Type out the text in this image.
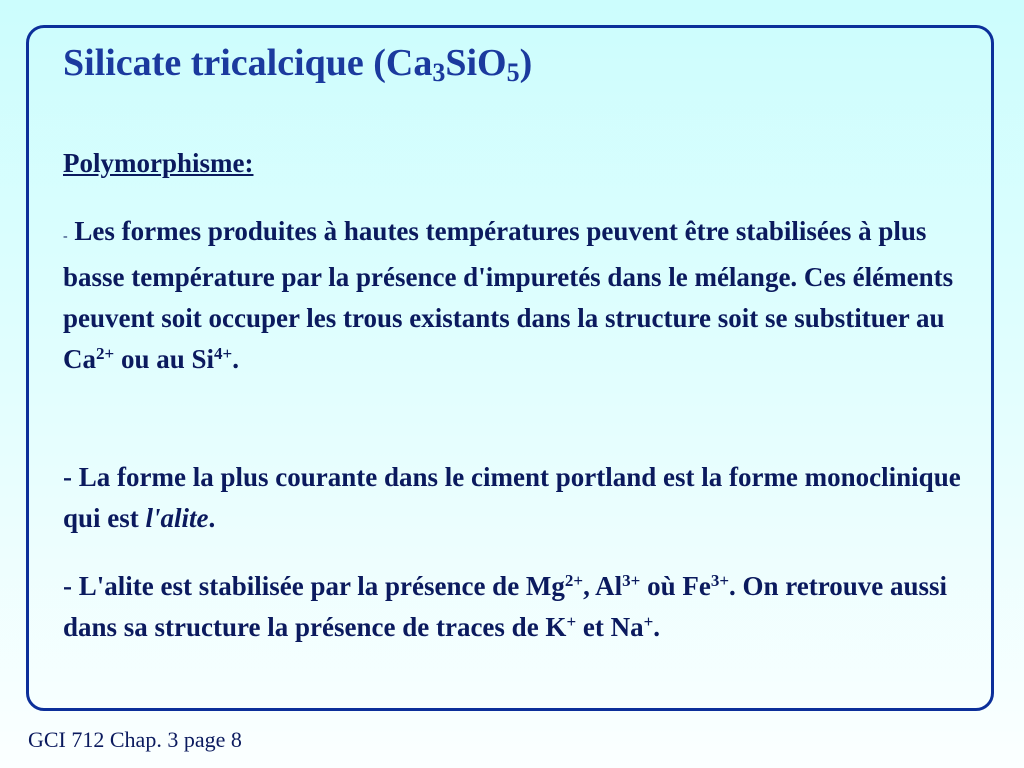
Silicate tricalcique $(Ca_3SiO_5)$
Polymorphisme:

- Les formes produites à hautes températures peuvent être stabilisées à plus basse température par la présence d'impuretés dans le mélange. Ces éléments peuvent soit occuper les trous existants dans la structure soit se substituer au $Ca^{2+}$ ou au $Si^{4+}$.

- La forme la plus courante dans le ciment portland est la forme monoclinique qui est l'alite.

- L'alite est stabilisée par la présence de $Mg^{2+}$, $Al^{3+}$ où $Fe^{3+}$. On retrouve aussi dans sa structure la présence de traces de K+ et Na+.

GCI 712 Chap. 3 page 8
